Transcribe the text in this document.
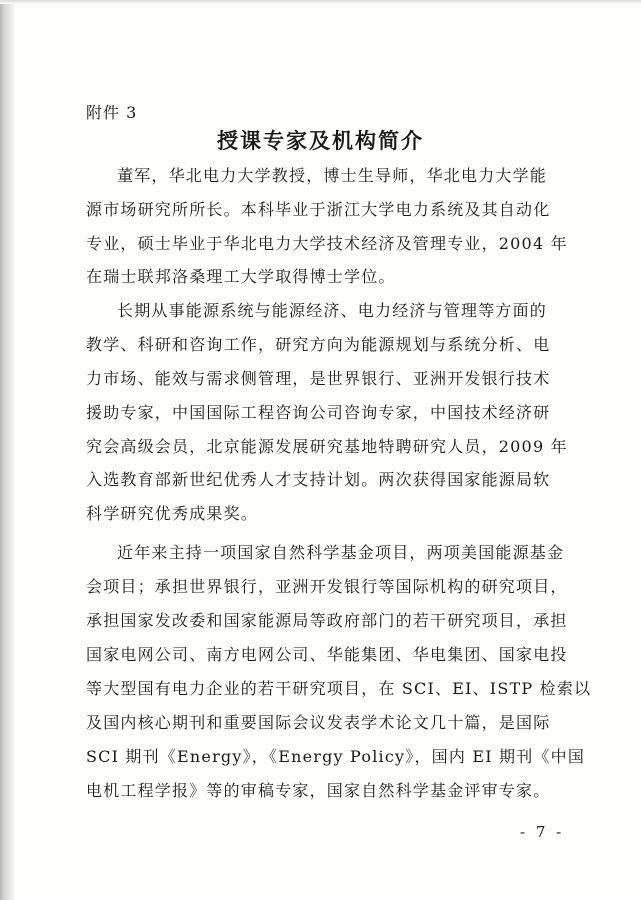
附件 3
授课专家及机构简介
董军，华北电力大学教授，博士生导师，华北电力大学能
源市场研究所所长。本科毕业于浙江大学电力系统及其自动化
专业，硕士毕业于华北电力大学技术经济及管理专业，2004 年
在瑞士联邦洛桑理工大学取得博士学位。
长期从事能源系统与能源经济、电力经济与管理等方面的
教学、科研和咨询工作，研究方向为能源规划与系统分析、电
力市场、能效与需求侧管理，是世界银行、亚洲开发银行技术
援助专家，中国国际工程咨询公司咨询专家，中国技术经济研
究会高级会员，北京能源发展研究基地特聘研究人员，2009 年
入选教育部新世纪优秀人才支持计划。两次获得国家能源局软
科学研究优秀成果奖。
近年来主持一项国家自然科学基金项目，两项美国能源基金
会项目；承担世界银行，亚洲开发银行等国际机构的研究项目，
承担国家发改委和国家能源局等政府部门的若干研究项目，承担
国家电网公司、南方电网公司、华能集团、华电集团、国家电投
等大型国有电力企业的若干研究项目，在 SCI、EI、ISTP 检索以
及国内核心期刊和重要国际会议发表学术论文几十篇，是国际
SCI 期刊《Energy》，《Energy Policy》，国内 EI 期刊《中国
电机工程学报》等的审稿专家，国家自然科学基金评审专家。
- 7 -
